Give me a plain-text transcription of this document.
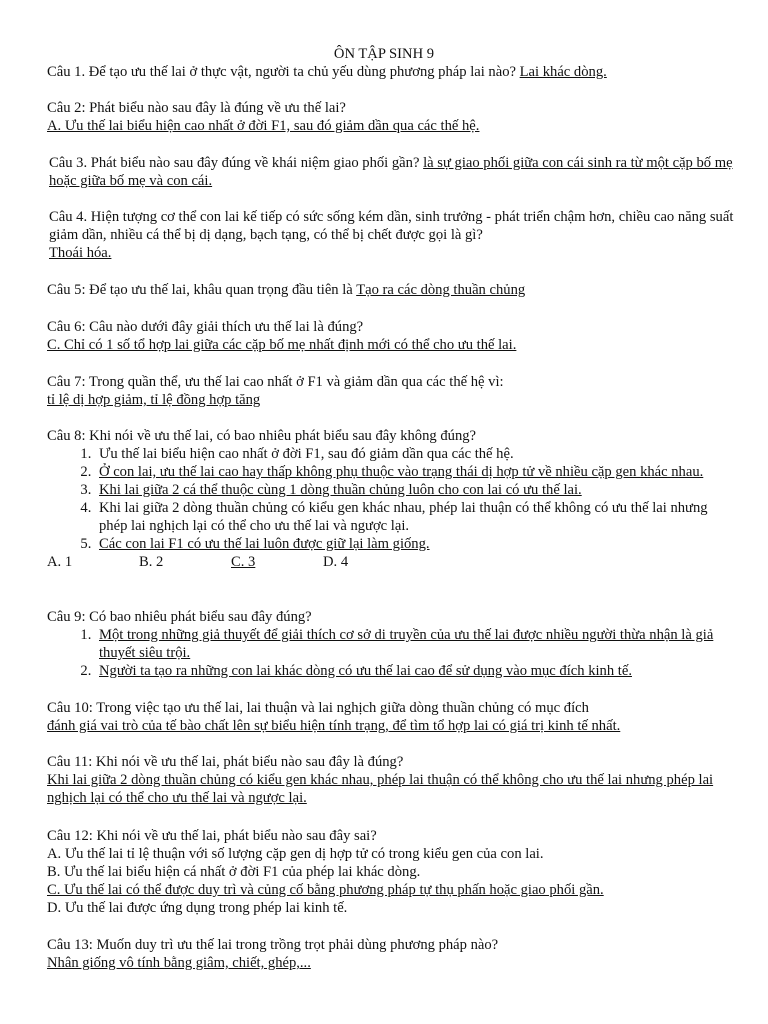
ÔN TẬP SINH 9

Câu 1. Để tạo ưu thế lai ở thực vật, người ta chủ yếu dùng phương pháp lai nào? Lai khác dòng.

Câu 2: Phát biểu nào sau đây là đúng về ưu thế lai?

A. Ưu thế lai biểu hiện cao nhất ở đời F1, sau đó giảm dần qua các thế hệ.

Câu 3. Phát biểu nào sau đây đúng về khái niệm giao phối gần? là sự giao phối giữa con cái sinh ra từ một cặp bố mẹ hoặc giữa bố mẹ và con cái.

Câu 4. Hiện tượng cơ thể con lai kế tiếp có sức sống kém dần, sinh trưởng - phát triển chậm hơn, chiều cao năng suất giảm dần, nhiều cá thể bị dị dạng, bạch tạng, có thể bị chết được gọi là gì?

Thoái hóa.

Câu 5: Để tạo ưu thế lai, khâu quan trọng đầu tiên là Tạo ra các dòng thuần chủng

Câu 6: Câu nào dưới đây giải thích ưu thế lai là đúng?

C. Chỉ có 1 số tổ hợp lai giữa các cặp bố mẹ nhất định mới có thể cho ưu thế lai.

Câu 7: Trong quần thể, ưu thế lai cao nhất ở F1 và giảm dần qua các thế hệ vì:

tỉ lệ dị hợp giảm, tỉ lệ đồng hợp tăng

Câu 8: Khi nói về ưu thế lai, có bao nhiêu phát biểu sau đây không đúng?

1. Ưu thế lai biểu hiện cao nhất ở đời F1, sau đó giảm dần qua các thế hệ.
2. Ở con lai, ưu thế lai cao hay thấp không phụ thuộc vào trạng thái dị hợp tử về nhiều cặp gen khác nhau.
3. Khi lai giữa 2 cá thể thuộc cùng 1 dòng thuần chủng luôn cho con lai có ưu thế lai.
4. Khi lai giữa 2 dòng thuần chủng có kiểu gen khác nhau, phép lai thuận có thể không có ưu thế lai nhưng phép lai nghịch lại có thể cho ưu thế lai và ngược lại.
5. Các con lai F1 có ưu thế lai luôn được giữ lại làm giống.
A. 1	B. 2	C. 3	D. 4

Câu 9: Có bao nhiêu phát biểu sau đây đúng?

1. Một trong những giả thuyết để giải thích cơ sở di truyền của ưu thế lai được nhiều người thừa nhận là giả thuyết siêu trội.
2. Người ta tạo ra những con lai khác dòng có ưu thế lai cao để sử dụng vào mục đích kinh tế.

Câu 10: Trong việc tạo ưu thế lai, lai thuận và lai nghịch giữa dòng thuần chủng có mục đích

đánh giá vai trò của tế bào chất lên sự biểu hiện tính trạng, để tìm tổ hợp lai có giá trị kinh tế nhất.

Câu 11: Khi nói về ưu thế lai, phát biểu nào sau đây là đúng?

Khi lai giữa 2 dòng thuần chủng có kiểu gen khác nhau, phép lai thuận có thể không cho ưu thế lai nhưng phép lai nghịch lại có thể cho ưu thế lai và ngược lại.

Câu 12: Khi nói về ưu thế lai, phát biểu nào sau đây sai?

A. Ưu thế lai tỉ lệ thuận với số lượng cặp gen dị hợp tử có trong kiểu gen của con lai.

B. Ưu thế lai biểu hiện cá nhất ở đời F1 của phép lai khác dòng.

C. Ưu thế lai có thể được duy trì và củng cố bằng phương pháp tự thụ phấn hoặc giao phối gần.

D. Ưu thế lai được ứng dụng trong phép lai kinh tế.

Câu 13: Muốn duy trì ưu thế lai trong trồng trọt phải dùng phương pháp nào?

Nhân giống vô tính bằng giâm, chiết, ghép,...
